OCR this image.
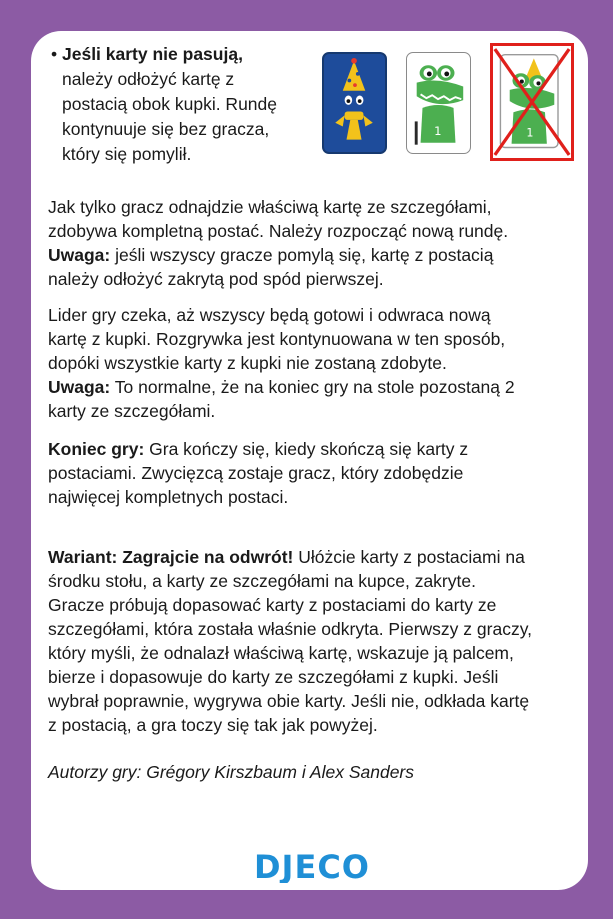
• Jeśli karty nie pasują,
należy odłożyć kartę z
postacią obok kupki. Rundę
kontynuuje się bez gracza,
który się pomylił.
1	1
Jak tylko gracz odnajdzie właściwą kartę ze szczegółami, zdobywa kompletną postać. Należy rozpocząć nową rundę. Uwaga: jeśli wszyscy gracze pomylą się, kartę z postacią należy odłożyć zakrytą pod spód pierwszej.
Lider gry czeka, aż wszyscy będą gotowi i odwraca nową kartę z kupki. Rozgrywka jest kontynuowana w ten sposób, dopóki wszystkie karty z kupki nie zostaną zdobyte. Uwaga: To normalne, że na koniec gry na stole pozostaną 2 karty ze szczegółami.
Koniec gry: Gra kończy się, kiedy skończą się karty z postaciami. Zwycięzcą zostaje gracz, który zdobędzie najwięcej kompletnych postaci.
Wariant: Zagrajcie na odwrót! Ułóżcie karty z postaciami na środku stołu, a karty ze szczegółami na kupce, zakryte. Gracze próbują dopasować karty z postaciami do karty ze szczegółami, która została właśnie odkryta. Pierwszy z graczy, który myśli, że odnalazł właściwą kartę, wskazuje ją palcem, bierze i dopasowuje do karty ze szczegółami z kupki. Jeśli wybrał poprawnie, wygrywa obie karty. Jeśli nie, odkłada kartę z postacią, a gra toczy się tak jak powyżej.
Autorzy gry: Grégory Kirszbaum i Alex Sanders
DJECO
